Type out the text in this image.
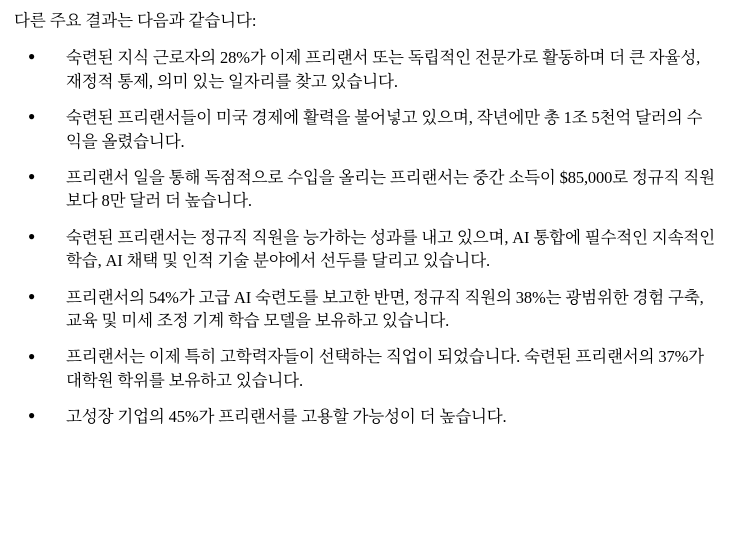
다른 주요 결과는 다음과 같습니다:

● 숙련된 지식 근로자의 28%가 이제 프리랜서 또는 독립적인 전문가로 활동하며 더 큰 자율성, 재정적 통제, 의미 있는 일자리를 찾고 있습니다.
● 숙련된 프리랜서들이 미국 경제에 활력을 불어넣고 있으며, 작년에만 총 1조 5천억 달러의 수익을 올렸습니다.
● 프리랜서 일을 통해 독점적으로 수입을 올리는 프리랜서는 중간 소득이 $85,000로 정규직 직원보다 8만 달러 더 높습니다.
● 숙련된 프리랜서는 정규직 직원을 능가하는 성과를 내고 있으며, AI 통합에 필수적인 지속적인 학습, AI 채택 및 인적 기술 분야에서 선두를 달리고 있습니다.
● 프리랜서의 54%가 고급 AI 숙련도를 보고한 반면, 정규직 직원의 38%는 광범위한 경험 구축, 교육 및 미세 조정 기계 학습 모델을 보유하고 있습니다.
● 프리랜서는 이제 특히 고학력자들이 선택하는 직업이 되었습니다. 숙련된 프리랜서의 37%가 대학원 학위를 보유하고 있습니다.
● 고성장 기업의 45%가 프리랜서를 고용할 가능성이 더 높습니다.
